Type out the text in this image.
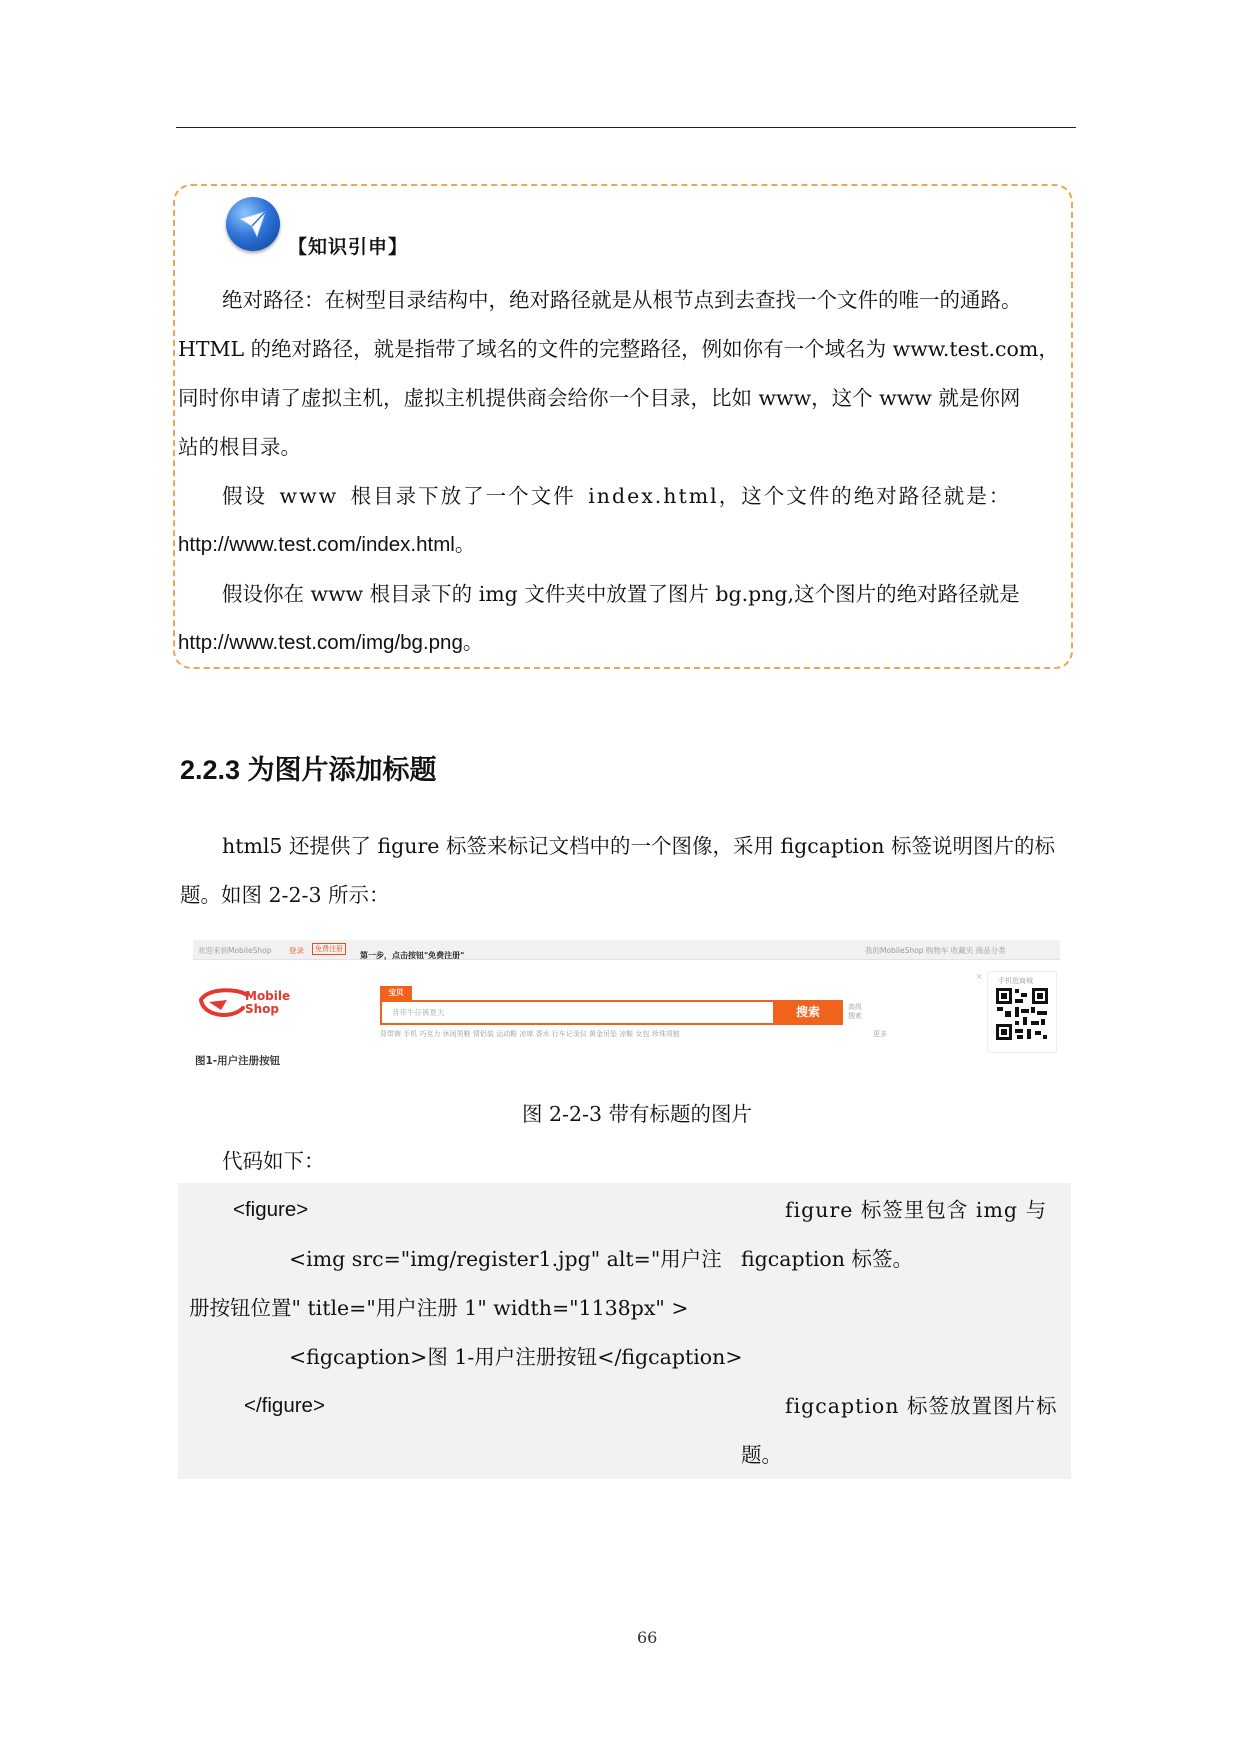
【知识引申】
绝对路径：在树型目录结构中，绝对路径就是从根节点到去查找一个文件的唯一的通路。
HTML 的绝对路径，就是指带了域名的文件的完整路径，例如你有一个域名为 www.test.com，
同时你申请了虚拟主机，虚拟主机提供商会给你一个目录，比如 www，这个 www 就是你网
站的根目录。
假设 www 根目录下放了一个文件 index.html，这个文件的绝对路径就是：
http://www.test.com/index.html。
假设你在 www 根目录下的 img 文件夹中放置了图片 bg.png,这个图片的绝对路径就是
http://www.test.com/img/bg.png。
2.2.3 为图片添加标题
html5 还提供了 figure 标签来标记文档中的一个图像，采用 figcaption 标签说明图片的标
题。如图 2-2-3 所示：
欢迎来到MobileShop 登录	免费注册
第一步，点击按钮"免费注册"
我的MobileShop 购物车 收藏夹 商品分类
Mobile
Shop
图1-用户注册按钮
宝贝
背带牛仔裤夏天	搜索	高级搜索
背带裤 手机 巧克力 休闲男鞋 情侣装 运动鞋 凉席 香水 行车记录仪 黄金吊坠 凉鞋 女包 珍珠项链	更多
× 手机逛商城
图 2-2-3 带有标题的图片
代码如下：
<figure>
<img src="img/register1.jpg" alt="用户注
册按钮位置" title="用户注册 1" width="1138px" >
<figcaption>图 1-用户注册按钮</figcaption>
</figure>
figure 标签里包含 img 与
figcaption 标签。
figcaption 标签放置图片标
题。
66
